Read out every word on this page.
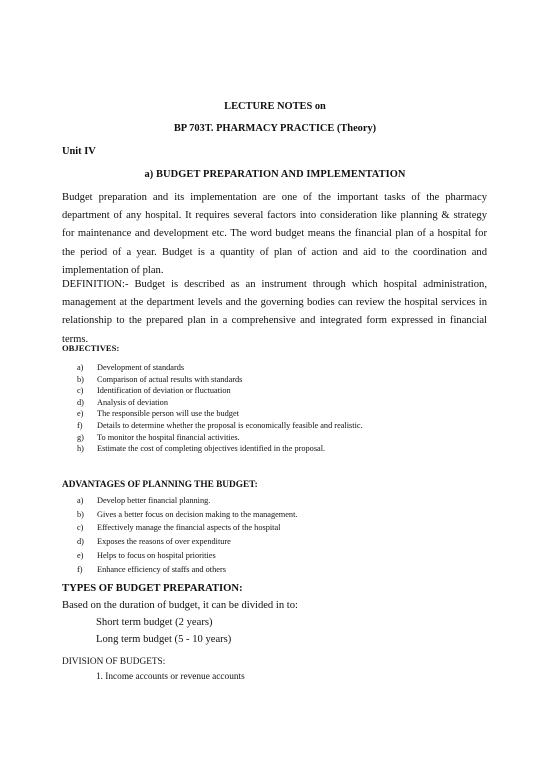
LECTURE NOTES on
BP 703T. PHARMACY PRACTICE (Theory)
Unit IV
a) BUDGET PREPARATION AND IMPLEMENTATION
Budget preparation and its implementation are one of the important tasks of the pharmacy department of any hospital. It requires several factors into consideration like planning & strategy for maintenance and development etc. The word budget means the financial plan of a hospital for the period of a year. Budget is a quantity of plan of action and aid to the coordination and implementation of plan.
DEFINITION:- Budget is described as an instrument through which hospital administration, management at the department levels and the governing bodies can review the hospital services in relationship to the prepared plan in a comprehensive and integrated form expressed in financial terms.
OBJECTIVES:
a) Development of standards
b) Comparison of actual results with standards
c) Identification of deviation or fluctuation
d) Analysis of deviation
e) The responsible person will use the budget
f) Details to determine whether the proposal is economically feasible and realistic.
g) To monitor the hospital financial activities.
h) Estimate the cost of completing objectives identified in the proposal.
ADVANTAGES OF PLANNING THE BUDGET:
a) Develop better financial planning.
b) Gives a better focus on decision making to the management.
c) Effectively manage the financial aspects of the hospital
d) Exposes the reasons of over expenditure
e) Helps to focus on hospital priorities
f) Enhance efficiency of staffs and others
TYPES OF BUDGET PREPARATION:
Based on the duration of budget, it can be divided in to:
Short term budget (2 years)
Long term budget (5 - 10 years)
DIVISION OF BUDGETS:
1. Income accounts or revenue accounts
